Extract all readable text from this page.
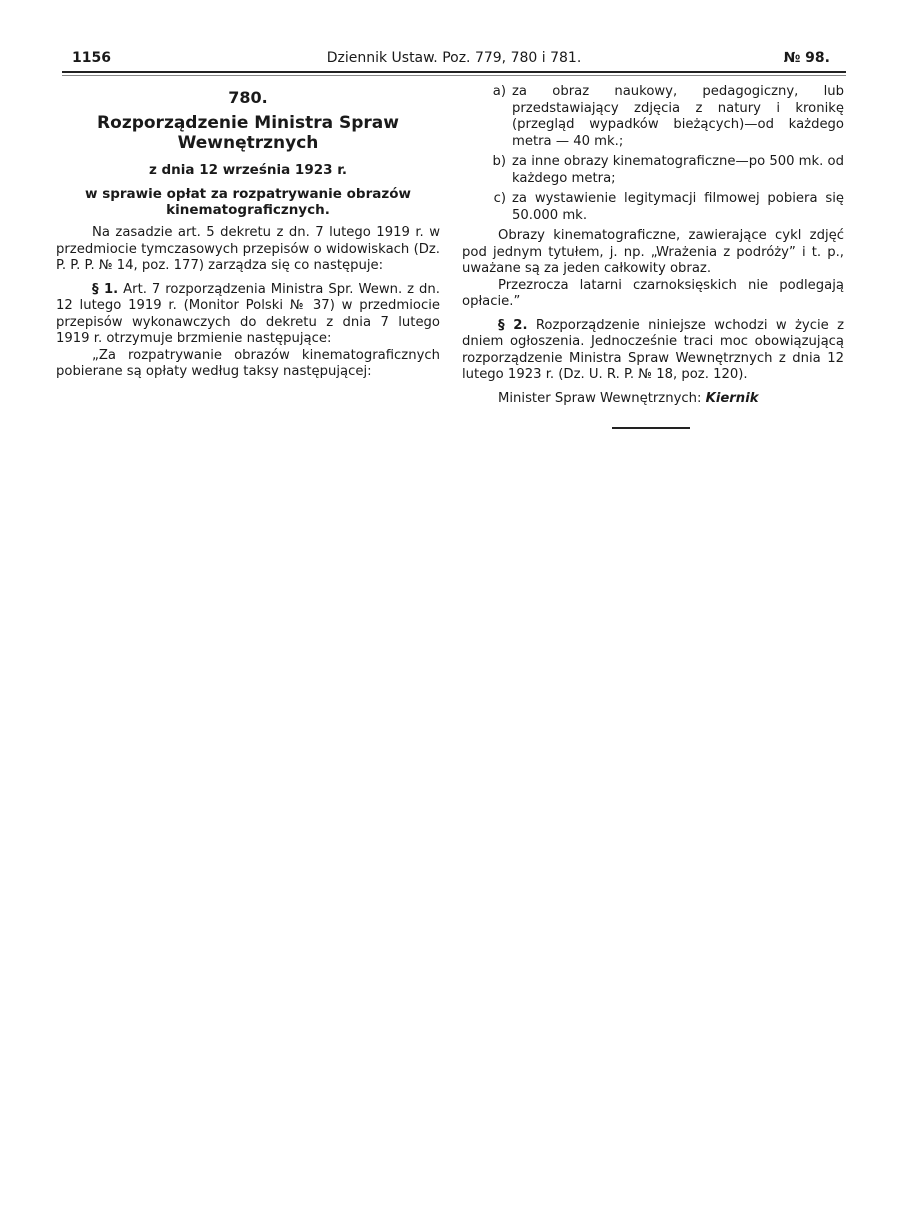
1156	Dziennik Ustaw. Poz. 779, 780 i 781.	№ 98.
780.
Rozporządzenie Ministra Spraw Wewnętrznych
z dnia 12 września 1923 r.
w sprawie opłat za rozpatrywanie obrazów kinematograficznych.

Na zasadzie art. 5 dekretu z dn. 7 lutego 1919 r. w przedmiocie tymczasowych przepisów o widowiskach (Dz. P. P. P. № 14, poz. 177) zarządza się co następuje:

§ 1. Art. 7 rozporządzenia Ministra Spr. Wewn. z dn. 12 lutego 1919 r. (Monitor Polski № 37) w przedmiocie przepisów wykonawczych do dekretu z dnia 7 lutego 1919 r. otrzymuje brzmienie następujące:

„Za rozpatrywanie obrazów kinematograficznych pobierane są opłaty według taksy następującej:

a) za obraz naukowy, pedagogiczny, lub przedstawiający zdjęcia z natury i kronikę (przegląd wypadków bieżących)—od każdego metra — 40 mk.;
b) za inne obrazy kinematograficzne—po 500 mk. od każdego metra;
c) za wystawienie legitymacji filmowej pobiera się 50.000 mk.

Obrazy kinematograficzne, zawierające cykl zdjęć pod jednym tytułem, j. np. „Wrażenia z podróży” i t. p., uważane są za jeden całkowity obraz.

Przezrocza latarni czarnoksięskich nie podlegają opłacie.”

§ 2. Rozporządzenie niniejsze wchodzi w życie z dniem ogłoszenia. Jednocześnie traci moc obowiązującą rozporządzenie Ministra Spraw Wewnętrznych z dnia 12 lutego 1923 r. (Dz. U. R. P. № 18, poz. 120).

Minister Spraw Wewnętrznych: Kiernik
